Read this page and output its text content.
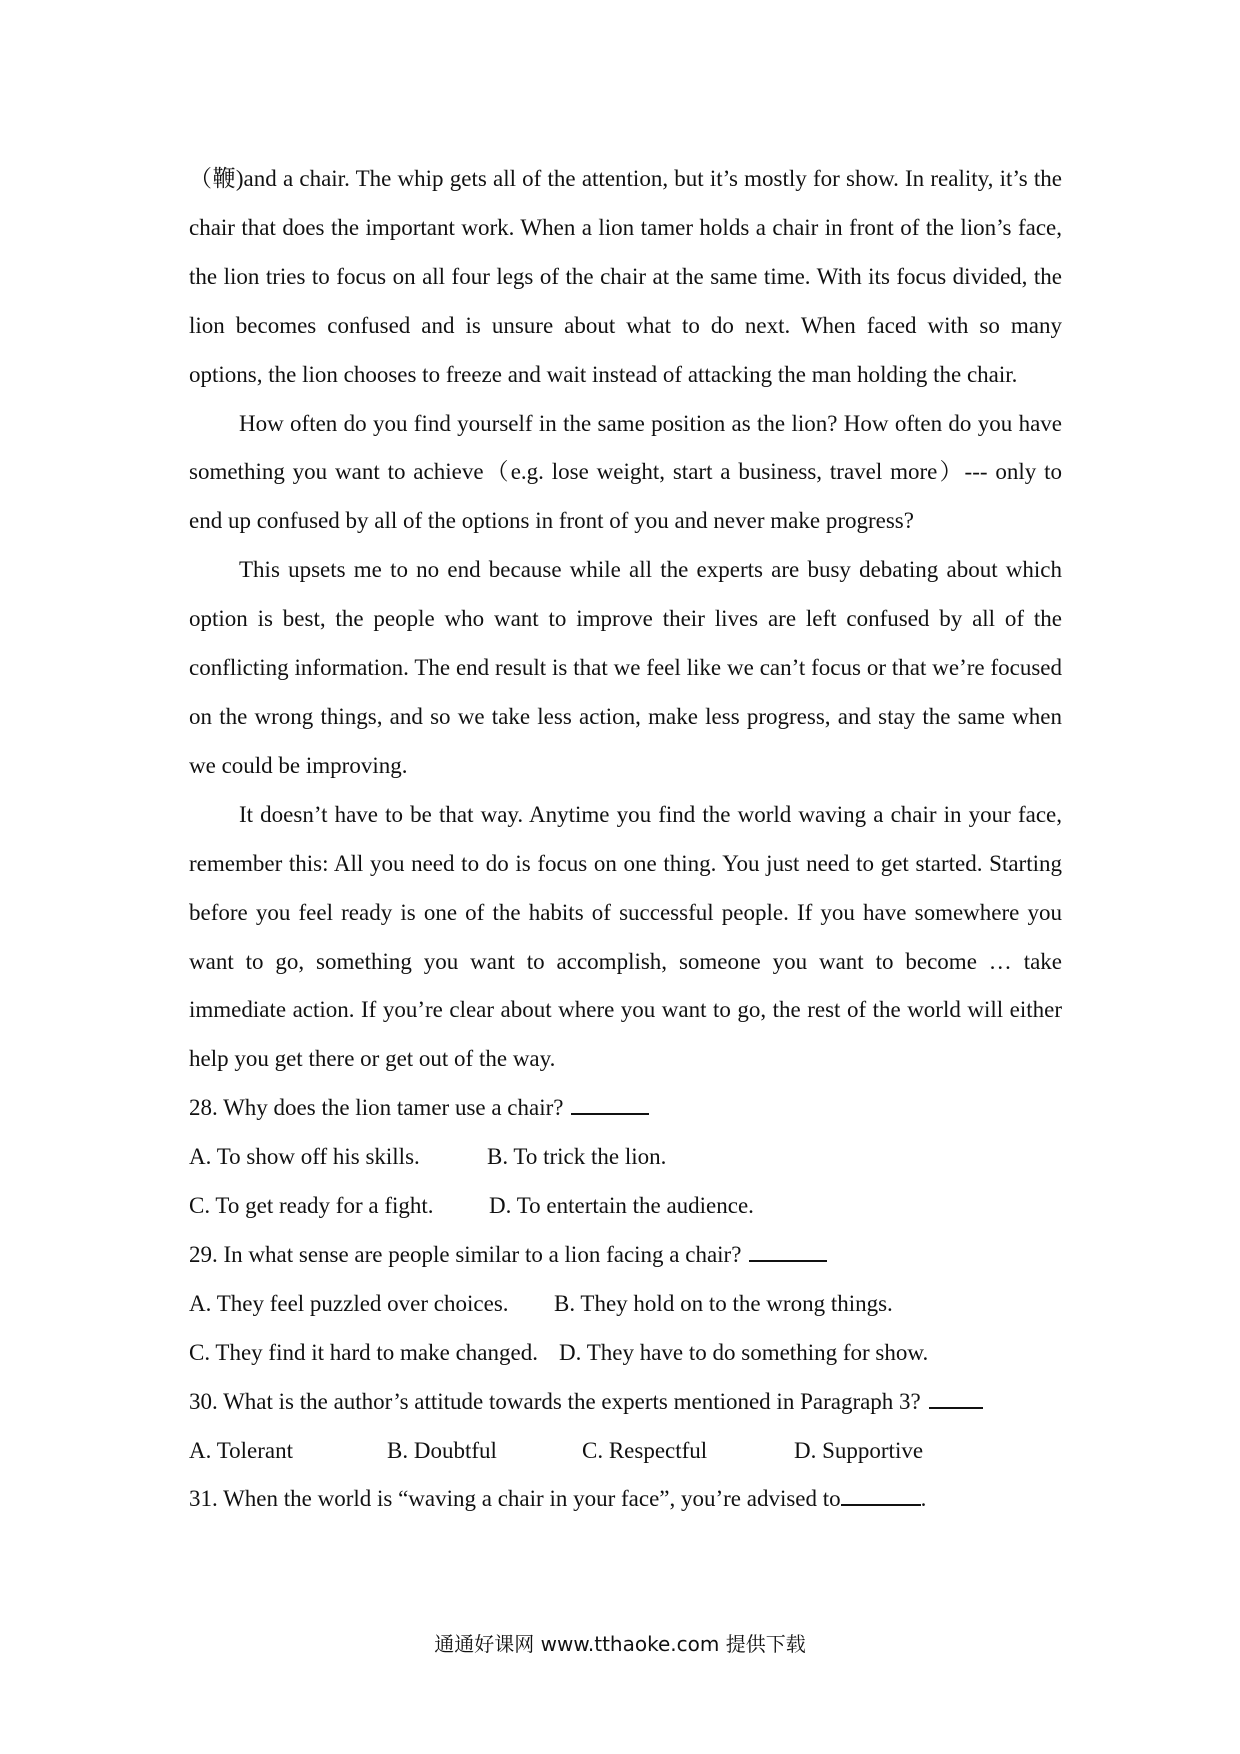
（鞭)and a chair. The whip gets all of the attention, but it’s mostly for show. In reality, it’s the chair that does the important work. When a lion tamer holds a chair in front of the lion’s face, the lion tries to focus on all four legs of the chair at the same time. With its focus divided, the lion becomes confused and is unsure about what to do next. When faced with so many options, the lion chooses to freeze and wait instead of attacking the man holding the chair.

How often do you find yourself in the same position as the lion? How often do you have something you want to achieve（e.g. lose weight, start a business, travel more）--- only to end up confused by all of the options in front of you and never make progress?

This upsets me to no end because while all the experts are busy debating about which option is best, the people who want to improve their lives are left confused by all of the conflicting information. The end result is that we feel like we can’t focus or that we’re focused on the wrong things, and so we take less action, make less progress, and stay the same when we could be improving.

It doesn’t have to be that way. Anytime you find the world waving a chair in your face, remember this: All you need to do is focus on one thing. You just need to get started. Starting before you feel ready is one of the habits of successful people. If you have somewhere you want to go, something you want to accomplish, someone you want to become … take immediate action. If you’re clear about where you want to go, the rest of the world will either help you get there or get out of the way.

28. Why does the lion tamer use a chair?

A. To show off his skills.	B. To trick the lion.
C. To get ready for a fight. D. To entertain the audience.

29. In what sense are people similar to a lion facing a chair?

A. They feel puzzled over choices. B. They hold on to the wrong things.
C. They find it hard to make changed. D. They have to do something for show.

30. What is the author’s attitude towards the experts mentioned in Paragraph 3?

A. Tolerant	B. Doubtful	C. Respectful	D. Supportive

31. When the world is “waving a chair in your face”, you’re advised to	.

通通好课网 www.tthaoke.com 提供下载
